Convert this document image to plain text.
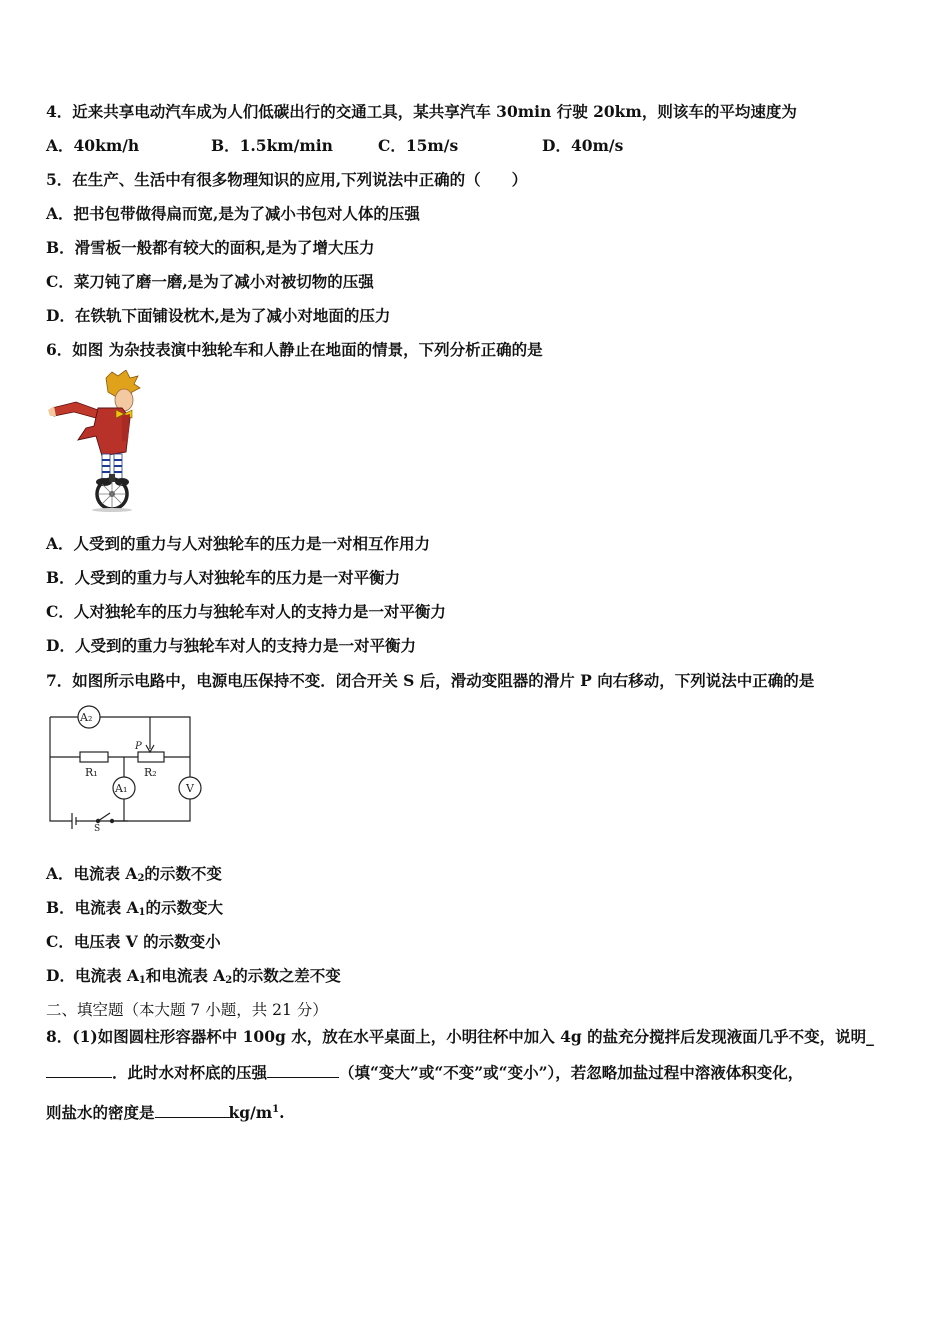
4．近来共享电动汽车成为人们低碳出行的交通工具，某共享汽车 30min 行驶 20km，则该车的平均速度为
A．40km/h	B．1.5km/min	C．15m/s	D．40m/s
5．在生产、生活中有很多物理知识的应用,下列说法中正确的（　　）
A．把书包带做得扁而宽,是为了减小书包对人体的压强
B．滑雪板一般都有较大的面积,是为了增大压力
C．菜刀钝了磨一磨,是为了减小对被切物的压强
D．在铁轨下面铺设枕木,是为了减小对地面的压力
6．如图 为杂技表演中独轮车和人静止在地面的情景，下列分析正确的是
A．人受到的重力与人对独轮车的压力是一对相互作用力
B．人受到的重力与人对独轮车的压力是一对平衡力
C．人对独轮车的压力与独轮车对人的支持力是一对平衡力
D．人受到的重力与独轮车对人的支持力是一对平衡力
7．如图所示电路中，电源电压保持不变．闭合开关 S 后，滑动变阻器的滑片 P 向右移动，下列说法中正确的是
A₂
R₁	R₂
P
A₁	V
S
A．电流表 $A_2$的示数不变
B．电流表 $A_1$的示数变大
C．电压表 V 的示数变小
D．电流表 $A_1$和电流表 $A_2$的示数之差不变
二、填空题（本大题 7 小题，共 21 分）
8．(1)如图圆柱形容器杯中 100g 水，放在水平桌面上，小明往杯中加入 4g 的盐充分搅拌后发现液面几乎不变，说明_
．此时水对杯底的压强	（填“变大”或“不变”或“变小”），若忽略加盐过程中溶液体积变化，
则盐水的密度是	$kg/m^1$.
